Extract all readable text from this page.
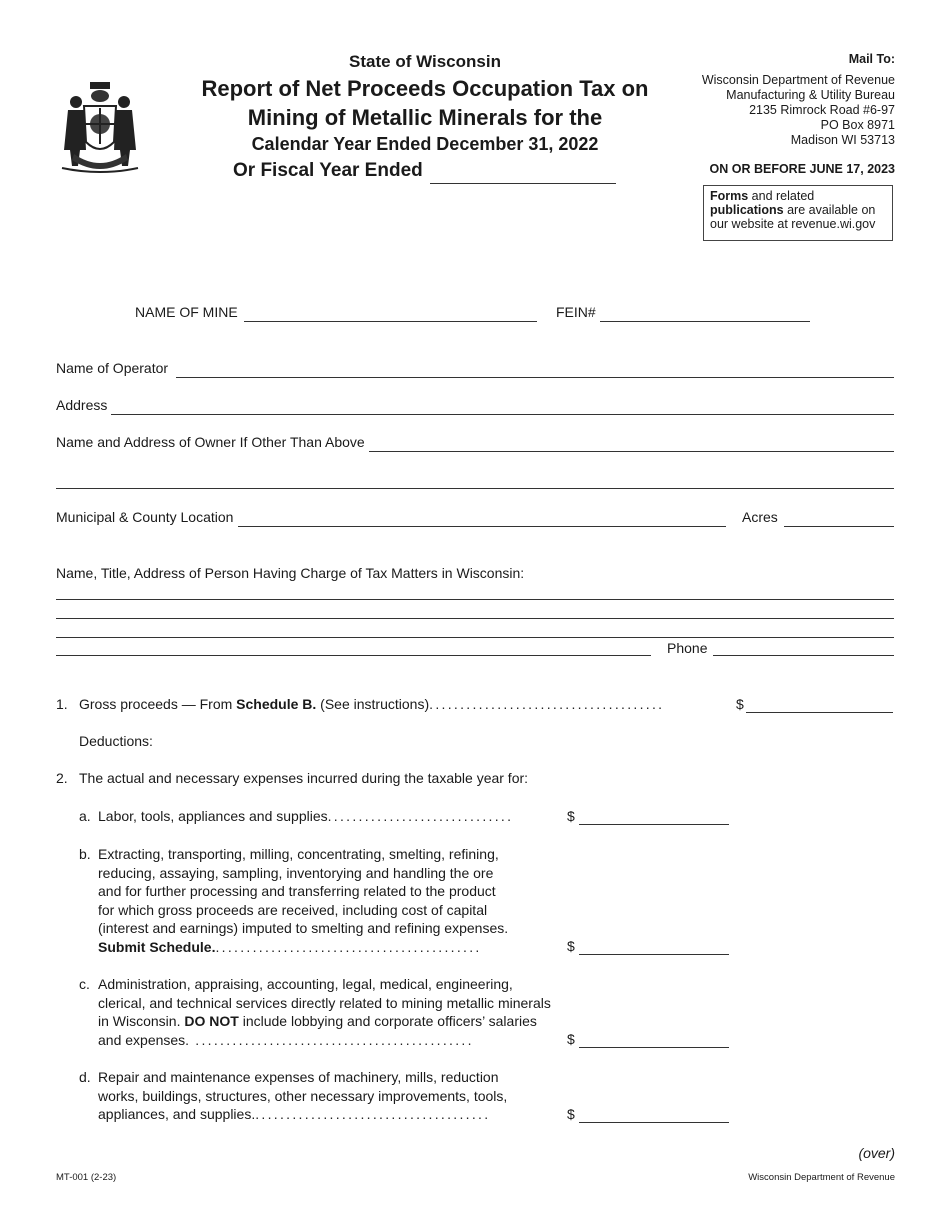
State of Wisconsin
Report of Net Proceeds Occupation Tax on
Mining of Metallic Minerals for the
Calendar Year Ended December 31, 2022
Or Fiscal Year Ended
Mail To:
Wisconsin Department of Revenue
Manufacturing & Utility Bureau
2135 Rimrock Road #6-97
PO Box 8971
Madison WI 53713
ON OR BEFORE JUNE 17, 2023
Forms and related publications are available on our website at revenue.wi.gov
NAME OF MINE	FEIN#
Name of Operator
Address
Name and Address of Owner If Other Than Above
Municipal & County Location	Acres
Name, Title, Address of Person Having Charge of Tax Matters in Wisconsin:
Phone
1. Gross proceeds — From Schedule B. (See instructions)......................................	$
Deductions:
2. The actual and necessary expenses incurred during the taxable year for:
a. Labor, tools, appliances and supplies..............................	$
b. Extracting, transporting, milling, concentrating, smelting, refining,
reducing, assaying, sampling, inventorying and handling the ore
and for further processing and transferring related to the product
for which gross proceeds are received, including cost of capital
(interest and earnings) imputed to smelting and refining expenses.
Submit Schedule............................................	$
c. Administration, appraising, accounting, legal, medical, engineering,
clerical, and technical services directly related to mining metallic minerals
in Wisconsin. DO NOT include lobbying and corporate officers’ salaries
and expenses. .............................................	$
d. Repair and maintenance expenses of machinery, mills, reduction
works, buildings, structures, other necessary improvements, tools,
appliances, and supplies.......................................	$
(over)
MT-001 (2-23)	Wisconsin Department of Revenue
